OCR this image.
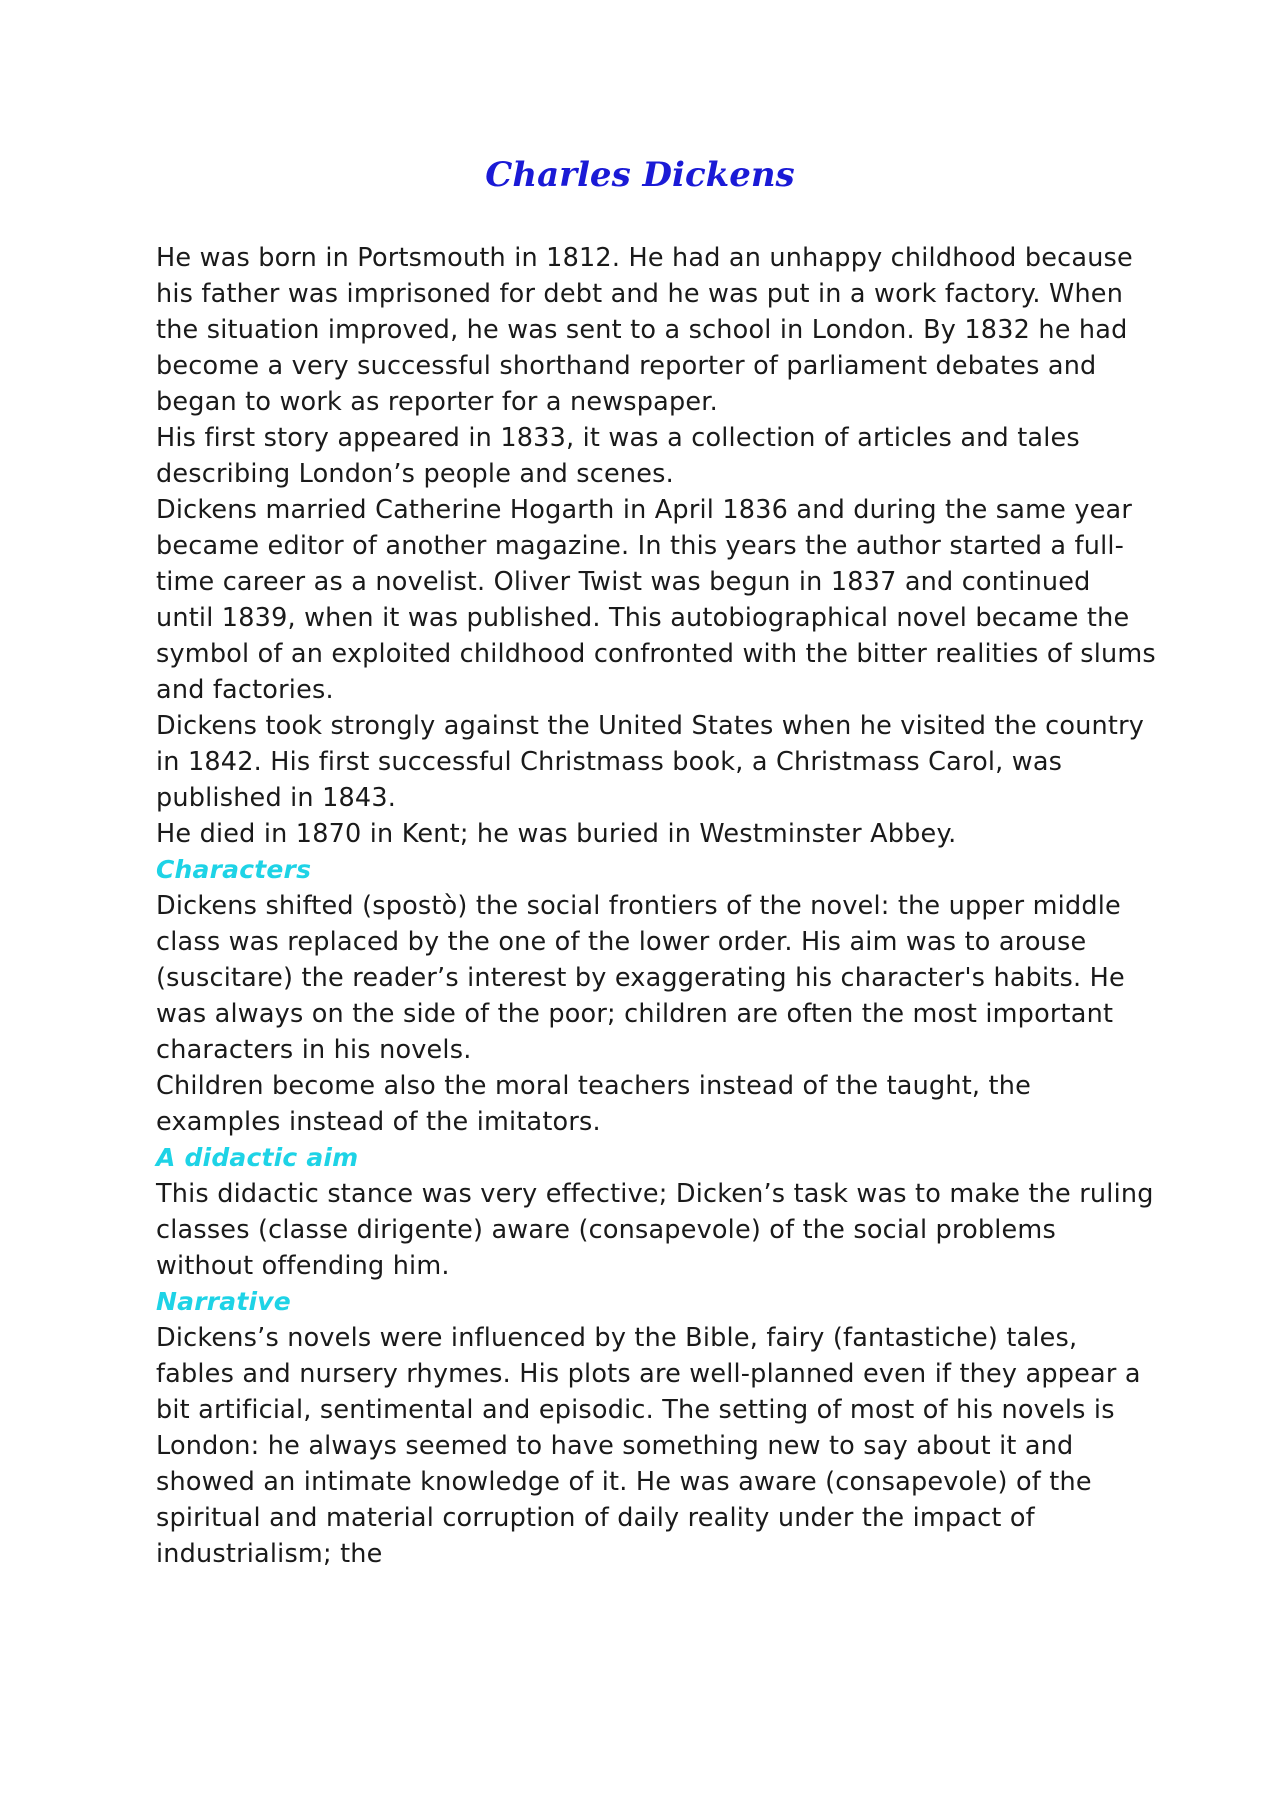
Charles Dickens

He was born in Portsmouth in 1812. He had an unhappy childhood because his father was imprisoned for debt and he was put in a work factory. When the situation improved, he was sent to a school in London. By 1832 he had become a very successful shorthand reporter of parliament debates and began to work as reporter for a newspaper.

His first story appeared in 1833, it was a collection of articles and tales describing London’s people and scenes.

Dickens married Catherine Hogarth in April 1836 and during the same year became editor of another magazine. In this years the author started a full-time career as a novelist. Oliver Twist was begun in 1837 and continued until 1839, when it was published. This autobiographical novel became the symbol of an exploited childhood confronted with the bitter realities of slums and factories.

Dickens took strongly against the United States when he visited the country in 1842. His first successful Christmass book, a Christmass Carol, was published in 1843.

He died in 1870 in Kent; he was buried in Westminster Abbey.

Characters

Dickens shifted (spostò) the social frontiers of the novel: the upper middle class was replaced by the one of the lower order. His aim was to arouse (suscitare) the reader’s interest by exaggerating his character's habits. He was always on the side of the poor; children are often the most important characters in his novels.

Children become also the moral teachers instead of the taught, the examples instead of the imitators.

A didactic aim

This didactic stance was very effective; Dicken’s task was to make the ruling classes (classe dirigente) aware (consapevole) of the social problems without offending him.

Narrative

Dickens’s novels were influenced by the Bible, fairy (fantastiche) tales, fables and nursery rhymes. His plots are well-planned even if they appear a bit artificial, sentimental and episodic. The setting of most of his novels is London: he always seemed to have something new to say about it and showed an intimate knowledge of it. He was aware (consapevole) of the spiritual and material corruption of daily reality under the impact of industrialism; the
